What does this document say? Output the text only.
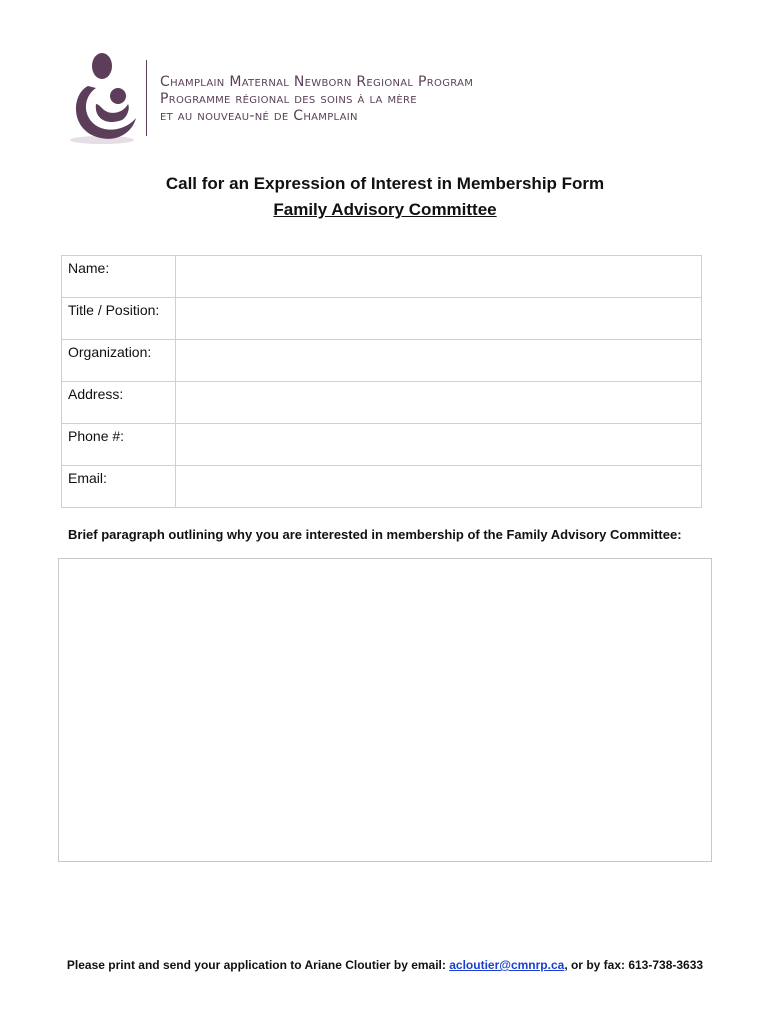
Champlain Maternal Newborn Regional Program
Programme régional des soins à la mère
et au nouveau-né de Champlain
Call for an Expression of Interest in Membership Form
Family Advisory Committee
Name:	
Title / Position:	
Organization:	
Address:	
Phone #:	
Email:	
Brief paragraph outlining why you are interested in membership of the Family Advisory Committee:
Please print and send your application to Ariane Cloutier by email: acloutier@cmnrp.ca, or by fax: 613-738-3633
